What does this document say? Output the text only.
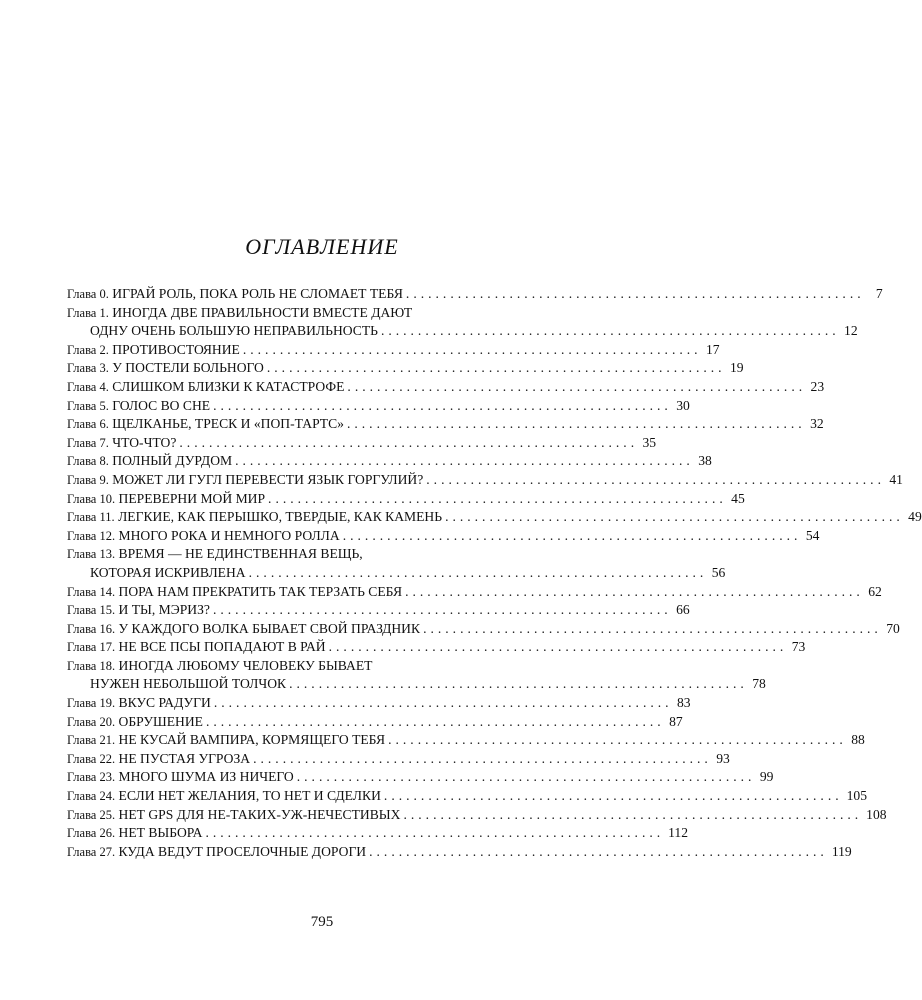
ОГЛАВЛЕНИЕ
Глава 0. ИГРАЙ РОЛЬ, ПОКА РОЛЬ НЕ СЛОМАЕТ ТЕБЯ .............................................................. 7
Глава 1. ИНОГДА ДВЕ ПРАВИЛЬНОСТИ ВМЕСТЕ ДАЮТ
ОДНУ ОЧЕНЬ БОЛЬШУЮ НЕПРАВИЛЬНОСТЬ .............................................................. 12
Глава 2. ПРОТИВОСТОЯНИЕ .............................................................. 17
Глава 3. У ПОСТЕЛИ БОЛЬНОГО .............................................................. 19
Глава 4. СЛИШКОМ БЛИЗКИ К КАТАСТРОФЕ .............................................................. 23
Глава 5. ГОЛОС ВО СНЕ .............................................................. 30
Глава 6. ЩЕЛКАНЬЕ, ТРЕСК И «ПОП-ТАРТС» .............................................................. 32
Глава 7. ЧТО-ЧТО? .............................................................. 35
Глава 8. ПОЛНЫЙ ДУРДОМ .............................................................. 38
Глава 9. МОЖЕТ ЛИ ГУГЛ ПЕРЕВЕСТИ ЯЗЫК ГОРГУЛИЙ? .............................................................. 41
Глава 10. ПЕРЕВЕРНИ МОЙ МИР .............................................................. 45
Глава 11. ЛЕГКИЕ, КАК ПЕРЫШКО, ТВЕРДЫЕ, КАК КАМЕНЬ .............................................................. 49
Глава 12. МНОГО РОКА И НЕМНОГО РОЛЛА .............................................................. 54
Глава 13. ВРЕМЯ — НЕ ЕДИНСТВЕННАЯ ВЕЩЬ,
КОТОРАЯ ИСКРИВЛЕНА .............................................................. 56
Глава 14. ПОРА НАМ ПРЕКРАТИТЬ ТАК ТЕРЗАТЬ СЕБЯ .............................................................. 62
Глава 15. И ТЫ, МЭРИЗ? .............................................................. 66
Глава 16. У КАЖДОГО ВОЛКА БЫВАЕТ СВОЙ ПРАЗДНИК .............................................................. 70
Глава 17. НЕ ВСЕ ПСЫ ПОПАДАЮТ В РАЙ .............................................................. 73
Глава 18. ИНОГДА ЛЮБОМУ ЧЕЛОВЕКУ БЫВАЕТ
НУЖЕН НЕБОЛЬШОЙ ТОЛЧОК .............................................................. 78
Глава 19. ВКУС РАДУГИ .............................................................. 83
Глава 20. ОБРУШЕНИЕ .............................................................. 87
Глава 21. НЕ КУСАЙ ВАМПИРА, КОРМЯЩЕГО ТЕБЯ .............................................................. 88
Глава 22. НЕ ПУСТАЯ УГРОЗА .............................................................. 93
Глава 23. МНОГО ШУМА ИЗ НИЧЕГО .............................................................. 99
Глава 24. ЕСЛИ НЕТ ЖЕЛАНИЯ, ТО НЕТ И СДЕЛКИ .............................................................. 105
Глава 25. НЕТ GPS ДЛЯ НЕ-ТАКИХ-УЖ-НЕЧЕСТИВЫХ .............................................................. 108
Глава 26. НЕТ ВЫБОРА .............................................................. 112
Глава 27. КУДА ВЕДУТ ПРОСЕЛОЧНЫЕ ДОРОГИ .............................................................. 119
795
